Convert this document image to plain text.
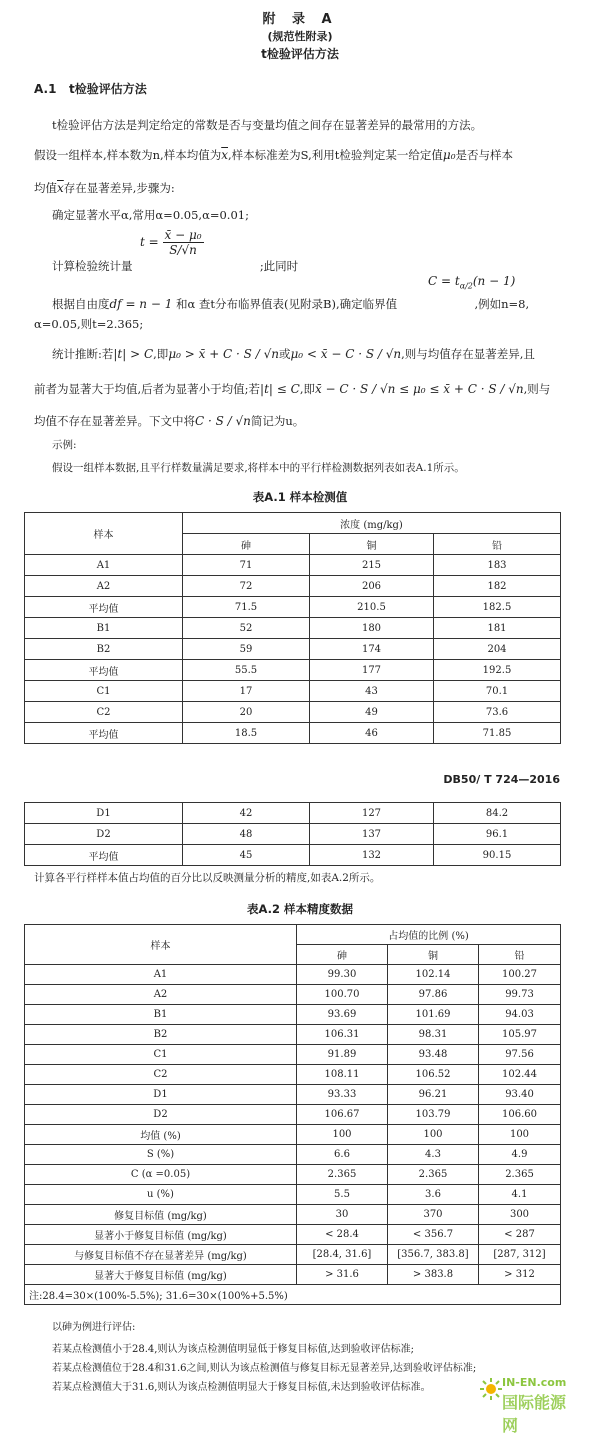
附 录 A
(规范性附录)
t检验评估方法
A.1 t检验评估方法
t检验评估方法是判定给定的常数是否与变量均值之间存在显著差异的最常用的方法。
假设一组样本,样本数为n,样本均值为$\overline{x}$,样本标准差为S,利用t检验判定某一给定值μ₀是否与样本
均值$\overline{x}$存在显著差异,步骤为:
确定显著水平α,常用α=0.05,α=0.01;
$t = \frac{\text{x̄ − μ₀}}{S/√n}$
计算检验统计量	;此同时
$C = t_{\alpha/2}(n - 1)$
根据自由度df = n − 1 和α 查t分布临界值表(见附录B),确定临界值	,例如n=8,
α=0.05,则t=2.365;
统计推断:若|t| > C,即μ₀ > x̄ + C · S / √n或μ₀ < x̄ − C · S / √n,则与均值存在显著差异,且
前者为显著大于均值,后者为显著小于均值;若|t| ≤ C,即x̄ − C · S / √n ≤ μ₀ ≤ x̄ + C · S / √n,则与
均值不存在显著差异。下文中将C · S / √n简记为u。
示例:
假设一组样本数据,且平行样数量满足要求,将样本中的平行样检测数据列表如表A.1所示。
表A.1 样本检测值
样本	浓度 (mg/kg)		
	砷	铜	铅
A1	71	215	183
A2	72	206	182
平均值	71.5	210.5	182.5
B1	52	180	181
B2	59	174	204
平均值	55.5	177	192.5
C1	17	43	70.1
C2	20	49	73.6
平均值	18.5	46	71.85
DB50/ T 724—2016
D1	42	127	84.2
D2	48	137	96.1
平均值	45	132	90.15
计算各平行样样本值占均值的百分比以反映测量分析的精度,如表A.2所示。
表A.2 样本精度数据
样本	占均值的比例 (%)		
	砷	铜	铅
A1	99.30	102.14	100.27
A2	100.70	97.86	99.73
B1	93.69	101.69	94.03
B2	106.31	98.31	105.97
C1	91.89	93.48	97.56
C2	108.11	106.52	102.44
D1	93.33	96.21	93.40
D2	106.67	103.79	106.60
均值 (%)	100	100	100
S (%)	6.6	4.3	4.9
C (α =0.05)	2.365	2.365	2.365
u (%)	5.5	3.6	4.1
修复目标值 (mg/kg)	30	370	300
显著小于修复目标值 (mg/kg)	< 28.4	< 356.7	< 287
与修复目标值不存在显著差异 (mg/kg)	[28.4, 31.6]	[356.7, 383.8]	[287, 312]
显著大于修复目标值 (mg/kg)	> 31.6	> 383.8	> 312
注:28.4=30×(100%-5.5%); 31.6=30×(100%+5.5%)			
以砷为例进行评估:
若某点检测值小于28.4,则认为该点检测值明显低于修复目标值,达到验收评估标准;
若某点检测值位于28.4和31.6之间,则认为该点检测值与修复目标无显著差异,达到验收评估标准;
若某点检测值大于31.6,则认为该点检测值明显大于修复目标值,未达到验收评估标准。	IN-EN.com
国际能源网
